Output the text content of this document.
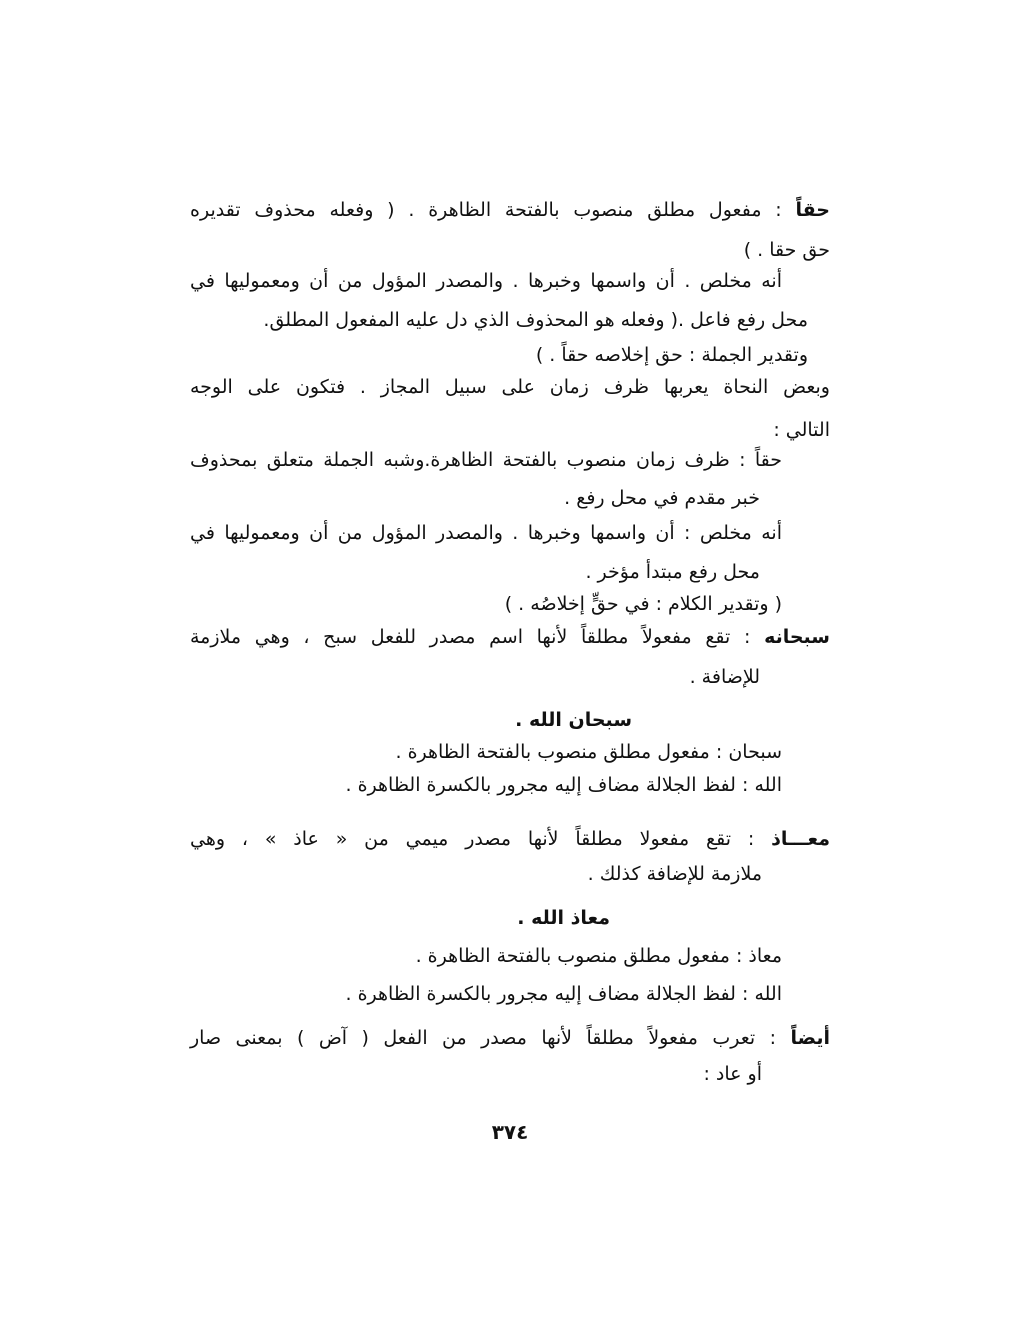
حقاً : مفعول مطلق منصوب بالفتحة الظاهرة . ( وفعله محذوف تقديره
حق حقا . )
أنه مخلص . أن واسمها وخبرها . والمصدر المؤول من أن ومعموليها في
محل رفع فاعل .( وفعله هو المحذوف الذي دل عليه المفعول المطلق.
وتقدير الجملة : حق إخلاصه حقاً . )
وبعض النحاة يعربها ظرف زمان على سبيل المجاز . فتكون على الوجه
التالي :
حقاً : ظرف زمان منصوب بالفتحة الظاهرة.وشبه الجملة متعلق بمحذوف
خبر مقدم في محل رفع .
أنه مخلص : أن واسمها وخبرها . والمصدر المؤول من أن ومعموليها في
محل رفع مبتدأ مؤخر .
( وتقدير الكلام : في حقٍّ إخلاصُه . )
سبحانه : تقع مفعولاً مطلقاً لأنها اسم مصدر للفعل سبح ، وهي ملازمة
للإضافة .
سبحان الله .
سبحان : مفعول مطلق منصوب بالفتحة الظاهرة .
الله : لفظ الجلالة مضاف إليه مجرور بالكسرة الظاهرة .
معـــاذ : تقع مفعولا مطلقاً لأنها مصدر ميمي من « عاذ » ، وهي
ملازمة للإضافة كذلك .
معاذ الله .
معاذ : مفعول مطلق منصوب بالفتحة الظاهرة .
الله : لفظ الجلالة مضاف إليه مجرور بالكسرة الظاهرة .
أيضاً : تعرب مفعولاً مطلقاً لأنها مصدر من الفعل ( آض ) بمعنى صار
أو عاد :
٣٧٤
